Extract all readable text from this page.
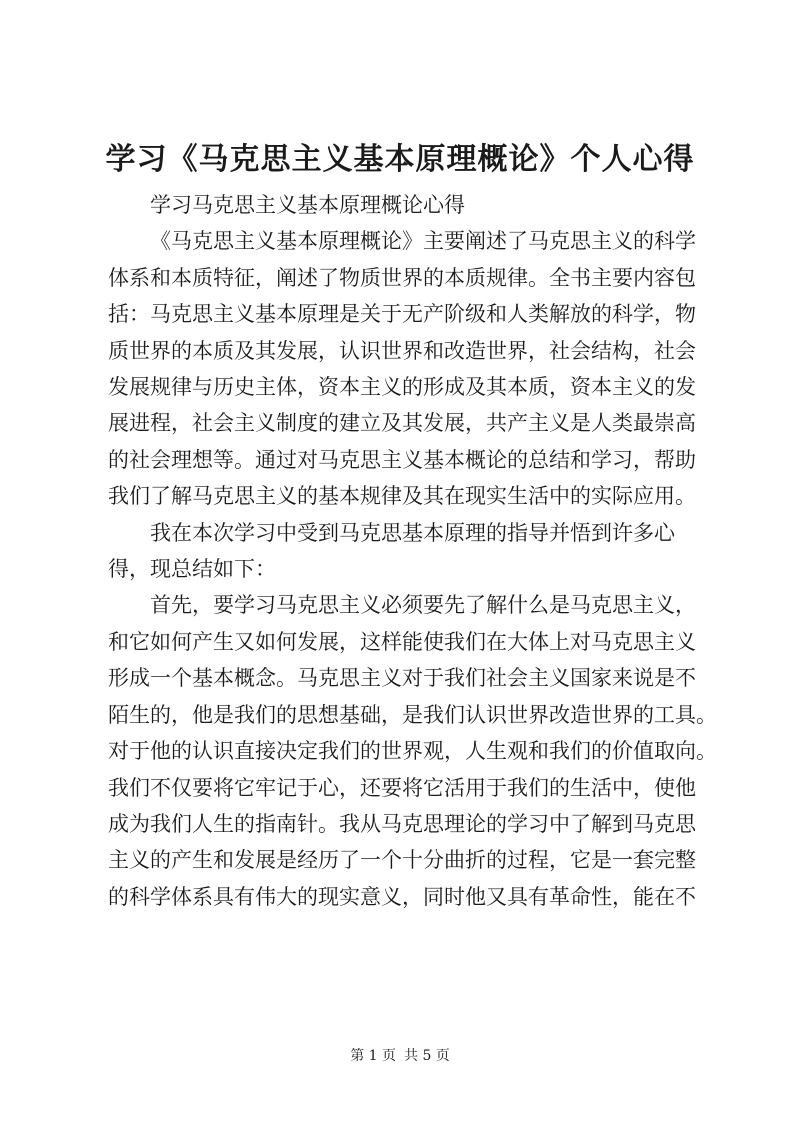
学习《马克思主义基本原理概论》个人心得

学习马克思主义基本原理概论心得

《马克思主义基本原理概论》主要阐述了马克思主义的科学
体系和本质特征，阐述了物质世界的本质规律。全书主要内容包
括：马克思主义基本原理是关于无产阶级和人类解放的科学，物
质世界的本质及其发展，认识世界和改造世界，社会结构，社会
发展规律与历史主体，资本主义的形成及其本质，资本主义的发
展进程，社会主义制度的建立及其发展，共产主义是人类最崇高
的社会理想等。通过对马克思主义基本概论的总结和学习，帮助
我们了解马克思主义的基本规律及其在现实生活中的实际应用。

我在本次学习中受到马克思基本原理的指导并悟到许多心
得，现总结如下：

首先，要学习马克思主义必须要先了解什么是马克思主义，
和它如何产生又如何发展，这样能使我们在大体上对马克思主义
形成一个基本概念。马克思主义对于我们社会主义国家来说是不
陌生的，他是我们的思想基础，是我们认识世界改造世界的工具。
对于他的认识直接决定我们的世界观，人生观和我们的价值取向。
我们不仅要将它牢记于心，还要将它活用于我们的生活中，使他
成为我们人生的指南针。我从马克思理论的学习中了解到马克思
主义的产生和发展是经历了一个十分曲折的过程，它是一套完整
的科学体系具有伟大的现实意义，同时他又具有革命性，能在不

第 1 页 共 5 页
